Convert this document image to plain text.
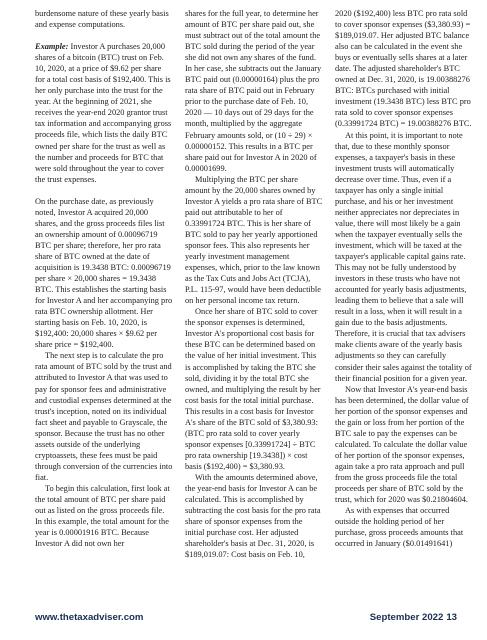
burdensome nature of these yearly basis and expense computations.

Example: Investor A purchases 20,000 shares of a bitcoin (BTC) trust on Feb. 10, 2020, at a price of $9.62 per share for a total cost basis of $192,400. This is her only purchase into the trust for the year. At the beginning of 2021, she receives the year-end 2020 grantor trust tax information and accompanying gross proceeds file, which lists the daily BTC owned per share for the trust as well as the number and proceeds for BTC that were sold throughout the year to cover the trust expenses.

On the purchase date, as previously noted, Investor A acquired 20,000 shares, and the gross proceeds files list an ownership amount of 0.00096719 BTC per share; therefore, her pro rata share of BTC owned at the date of acquisition is 19.3438 BTC: 0.00096719 per share × 20,000 shares = 19.3438 BTC. This establishes the starting basis for Investor A and her accompanying pro rata BTC ownership allotment. Her starting basis on Feb. 10, 2020, is $192,400: 20,000 shares × $9.62 per share price = $192,400.

The next step is to calculate the pro rata amount of BTC sold by the trust and attributed to Investor A that was used to pay for sponsor fees and administrative and custodial expenses determined at the trust's inception, noted on its individual fact sheet and payable to Grayscale, the sponsor. Because the trust has no other assets outside of the underlying cryptoassets, these fees must be paid through conversion of the currencies into fiat.

To begin this calculation, first look at the total amount of BTC per share paid out as listed on the gross proceeds file. In this example, the total amount for the year is 0.00001916 BTC. Because Investor A did not own her

shares for the full year, to determine her amount of BTC per share paid out, she must subtract out of the total amount the BTC sold during the period of the year she did not own any shares of the fund. In her case, she subtracts out the January BTC paid out (0.00000164) plus the pro rata share of BTC paid out in February prior to the purchase date of Feb. 10, 2020 — 10 days out of 29 days for the month, multiplied by the aggregate February amounts sold, or (10 ÷ 29) × 0.00000152. This results in a BTC per share paid out for Investor A in 2020 of 0.00001699.

Multiplying the BTC per share amount by the 20,000 shares owned by Investor A yields a pro rata share of BTC paid out attributable to her of 0.33991724 BTC. This is her share of BTC sold to pay her yearly apportioned sponsor fees. This also represents her yearly investment management expenses, which, prior to the law known as the Tax Cuts and Jobs Act (TCJA), P.L. 115-97, would have been deductible on her personal income tax return.

Once her share of BTC sold to cover the sponsor expenses is determined, Investor A's proportional cost basis for these BTC can be determined based on the value of her initial investment. This is accomplished by taking the BTC she sold, dividing it by the total BTC she owned, and multiplying the result by her cost basis for the total initial purchase. This results in a cost basis for Investor A's share of the BTC sold of $3,380.93: (BTC pro rata sold to cover yearly sponsor expenses [0.33991724] ÷ BTC pro rata ownership [19.3438]) × cost basis ($192,400) = $3,380.93.

With the amounts determined above, the year-end basis for Investor A can be calculated. This is accomplished by subtracting the cost basis for the pro rata share of sponsor expenses from the initial purchase cost. Her adjusted shareholder's basis at Dec. 31, 2020, is $189,019.07: Cost basis on Feb. 10,

2020 ($192,400) less BTC pro rata sold to cover sponsor expenses ($3,380.93) = $189,019.07. Her adjusted BTC balance also can be calculated in the event she buys or eventually sells shares at a later date. The adjusted shareholder's BTC owned at Dec. 31, 2020, is 19.00388276 BTC: BTCs purchased with initial investment (19.3438 BTC) less BTC pro rata sold to cover sponsor expenses (0.33991724 BTC) = 19.00388276 BTC.

At this point, it is important to note that, due to these monthly sponsor expenses, a taxpayer's basis in these investment trusts will automatically decrease over time. Thus, even if a taxpayer has only a single initial purchase, and his or her investment neither appreciates nor depreciates in value, there will most likely be a gain when the taxpayer eventually sells the investment, which will be taxed at the taxpayer's applicable capital gains rate. This may not be fully understood by investors in these trusts who have not accounted for yearly basis adjustments, leading them to believe that a sale will result in a loss, when it will result in a gain due to the basis adjustments. Therefore, it is crucial that tax advisers make clients aware of the yearly basis adjustments so they can carefully consider their sales against the totality of their financial position for a given year.

Now that Investor A's year-end basis has been determined, the dollar value of her portion of the sponsor expenses and the gain or loss from her portion of the BTC sale to pay the expenses can be calculated. To calculate the dollar value of her portion of the sponsor expenses, again take a pro rata approach and pull from the gross proceeds file the total proceeds per share of BTC sold by the trust, which for 2020 was $0.21804604.

As with expenses that occurred outside the holding period of her purchase, gross proceeds amounts that occurred in January ($0.01491641)

www.thetaxadviser.com	September 2022 13
